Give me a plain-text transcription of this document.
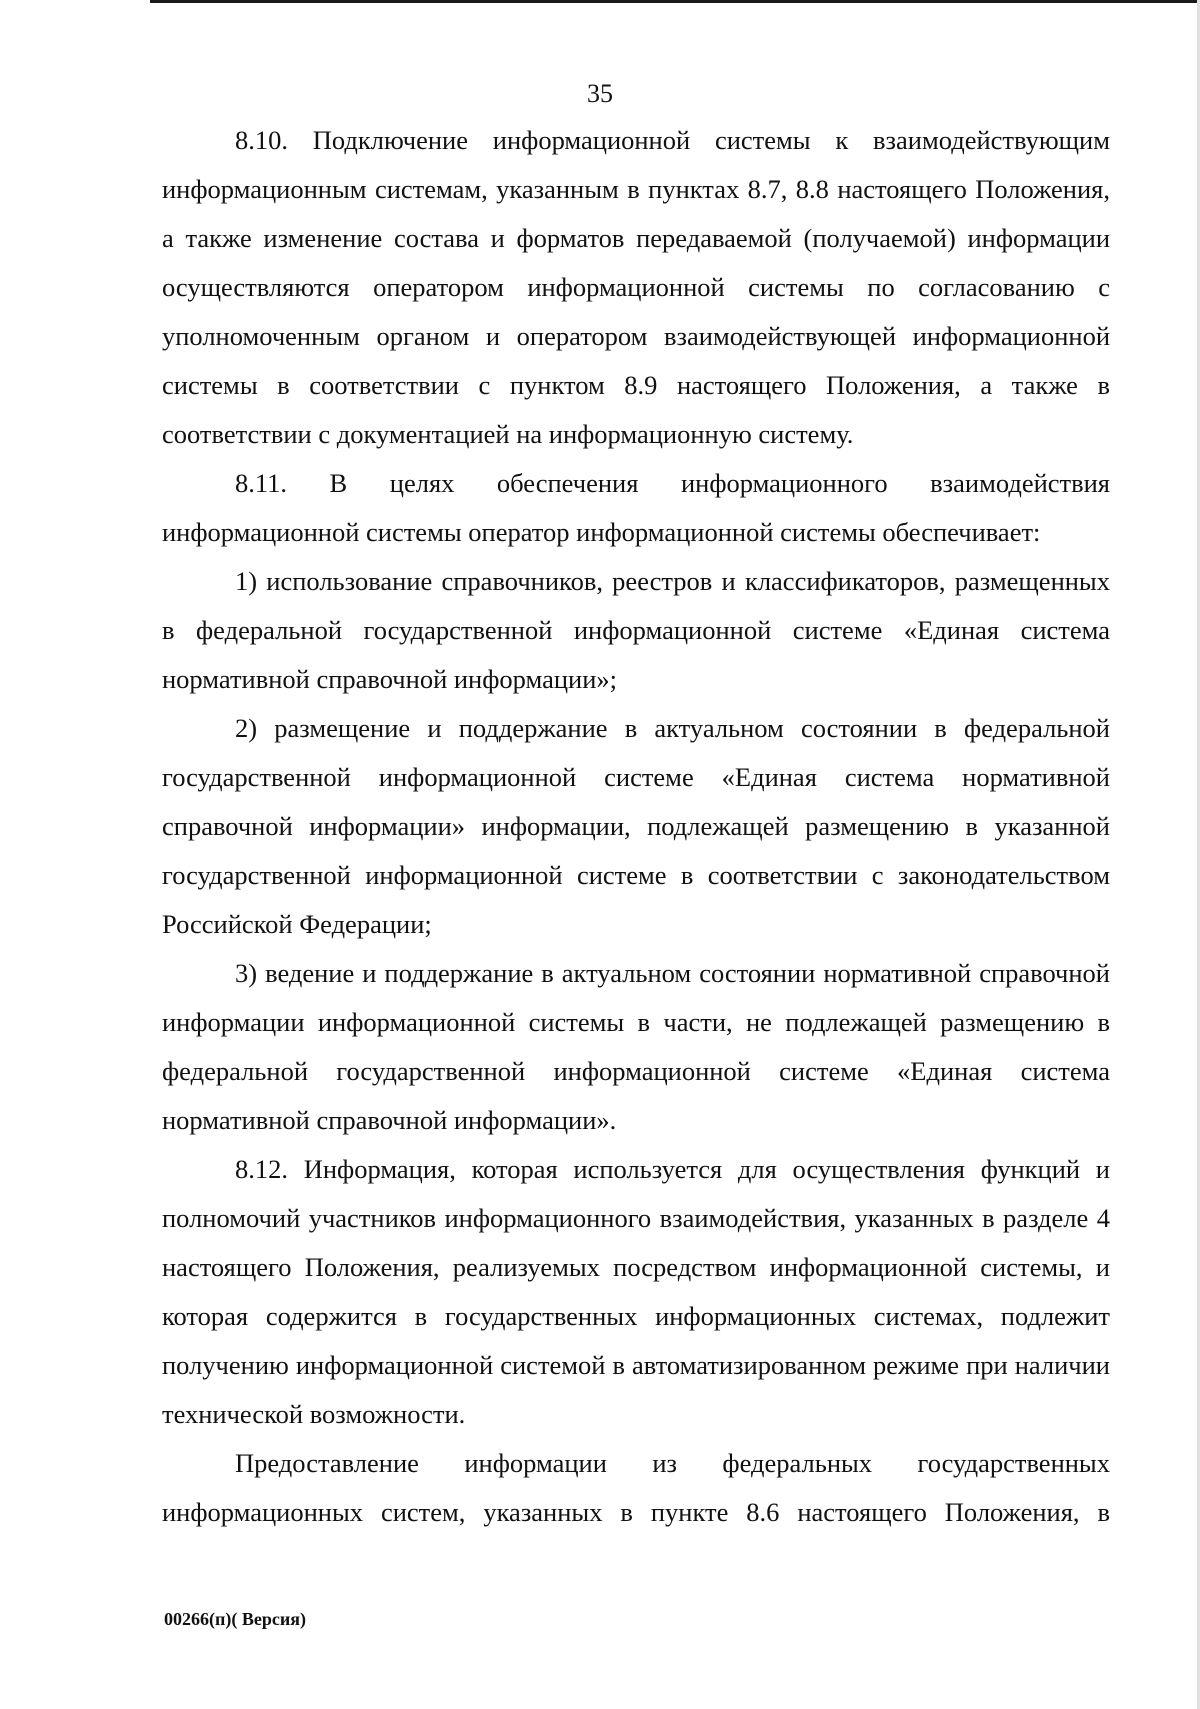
35

8.10. Подключение информационной системы к взаимодействующим информационным системам, указанным в пунктах 8.7, 8.8 настоящего Положения, а также изменение состава и форматов передаваемой (получаемой) информации осуществляются оператором информационной системы по согласованию с уполномоченным органом и оператором взаимодействующей информационной системы в соответствии с пунктом 8.9 настоящего Положения, а также в соответствии с документацией на информационную систему.

8.11. В целях обеспечения информационного взаимодействия информационной системы оператор информационной системы обеспечивает:

1) использование справочников, реестров и классификаторов, размещенных в федеральной государственной информационной системе «Единая система нормативной справочной информации»;

2) размещение и поддержание в актуальном состоянии в федеральной государственной информационной системе «Единая система нормативной справочной информации» информации, подлежащей размещению в указанной государственной информационной системе в соответствии с законодательством Российской Федерации;

3) ведение и поддержание в актуальном состоянии нормативной справочной информации информационной системы в части, не подлежащей размещению в федеральной государственной информационной системе «Единая система нормативной справочной информации».

8.12. Информация, которая используется для осуществления функций и полномочий участников информационного взаимодействия, указанных в разделе 4 настоящего Положения, реализуемых посредством информационной системы, и которая содержится в государственных информационных системах, подлежит получению информационной системой в автоматизированном режиме при наличии технической возможности.

Предоставление информации из федеральных государственных информационных систем, указанных в пункте 8.6 настоящего Положения, в

00266(п)( Версия)
